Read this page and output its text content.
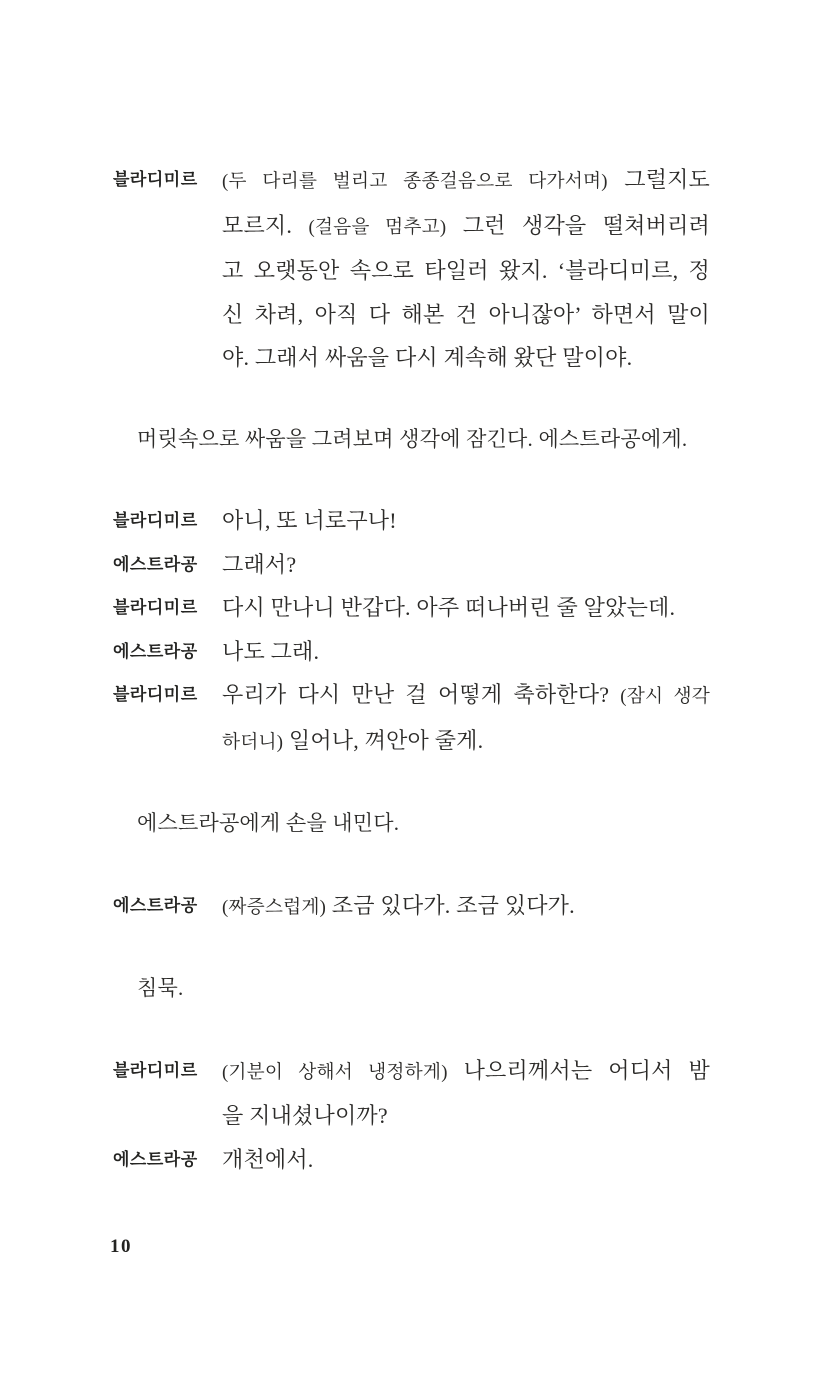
블라디미르	(두 다리를 벌리고 종종걸음으로 다가서며) 그럴지도
모르지. (걸음을 멈추고) 그런 생각을 떨쳐버리려
고 오랫동안 속으로 타일러 왔지. ‘블라디미르, 정
신 차려, 아직 다 해본 건 아니잖아’ 하면서 말이
야. 그래서 싸움을 다시 계속해 왔단 말이야.
머릿속으로 싸움을 그려보며 생각에 잠긴다. 에스트라공에게.
블라디미르	아니, 또 너로구나!
에스트라공	그래서?
블라디미르	다시 만나니 반갑다. 아주 떠나버린 줄 알았는데.
에스트라공	나도 그래.
블라디미르	우리가 다시 만난 걸 어떻게 축하한다? (잠시 생각
하더니) 일어나, 껴안아 줄게.
에스트라공에게 손을 내민다.
에스트라공	(짜증스럽게) 조금 있다가. 조금 있다가.
침묵.
블라디미르	(기분이 상해서 냉정하게) 나으리께서는 어디서 밤
을 지내셨나이까?
에스트라공	개천에서.
10
